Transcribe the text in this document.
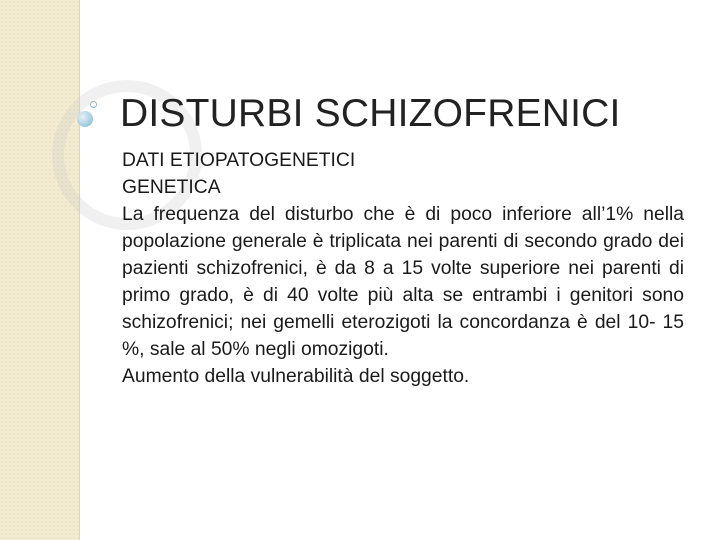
DISTURBI SCHIZOFRENICI

DATI ETIOPATOGENETICI

GENETICA

La frequenza del disturbo che è di poco inferiore all’1% nella popolazione generale è triplicata nei parenti di secondo grado dei pazienti schizofrenici, è da 8 a 15 volte superiore nei parenti di primo grado, è di 40 volte più alta se entrambi i genitori sono schizofrenici; nei gemelli eterozigoti la concordanza è del 10- 15 %, sale al 50% negli omozigoti.

Aumento della vulnerabilità del soggetto.
